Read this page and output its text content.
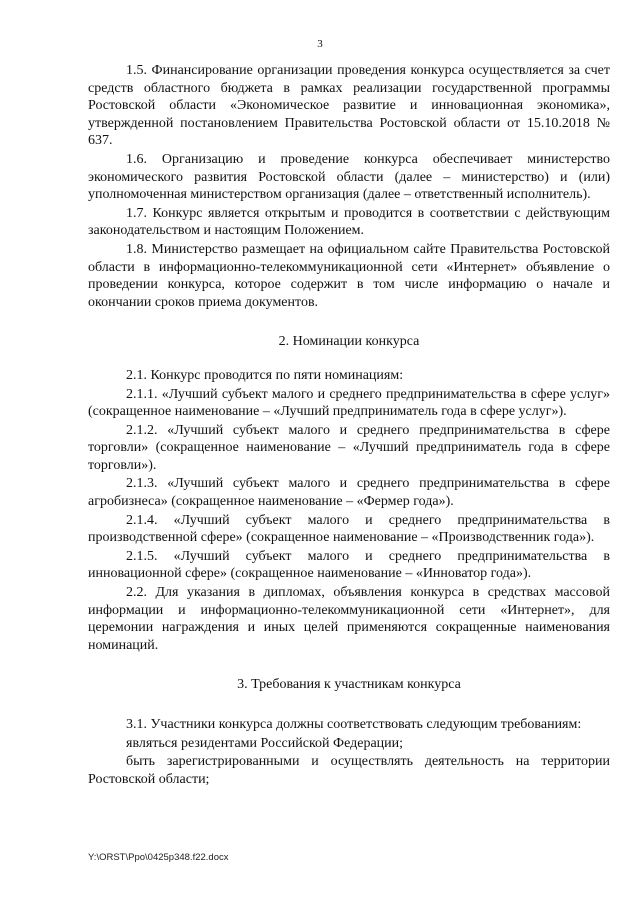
3

1.5. Финансирование организации проведения конкурса осуществляется за счет средств областного бюджета в рамках реализации государственной программы Ростовской области «Экономическое развитие и инновационная экономика», утвержденной постановлением Правительства Ростовской области от 15.10.2018 № 637.

1.6. Организацию и проведение конкурса обеспечивает министерство экономического развития Ростовской области (далее – министерство) и (или) уполномоченная министерством организация (далее – ответственный исполнитель).

1.7. Конкурс является открытым и проводится в соответствии с действующим законодательством и настоящим Положением.

1.8. Министерство размещает на официальном сайте Правительства Ростовской области в информационно-телекоммуникационной сети «Интернет» объявление о проведении конкурса, которое содержит в том числе информацию о начале и окончании сроков приема документов.

2. Номинации конкурса

2.1. Конкурс проводится по пяти номинациям:

2.1.1. «Лучший субъект малого и среднего предпринимательства в сфере услуг» (сокращенное наименование – «Лучший предприниматель года в сфере услуг»).

2.1.2. «Лучший субъект малого и среднего предпринимательства в сфере торговли» (сокращенное наименование – «Лучший предприниматель года в сфере торговли»).

2.1.3. «Лучший субъект малого и среднего предпринимательства в сфере агробизнеса» (сокращенное наименование – «Фермер года»).

2.1.4. «Лучший субъект малого и среднего предпринимательства в производственной сфере» (сокращенное наименование – «Производственник года»).

2.1.5. «Лучший субъект малого и среднего предпринимательства в инновационной сфере» (сокращенное наименование – «Инноватор года»).

2.2. Для указания в дипломах, объявления конкурса в средствах массовой информации и информационно-телекоммуникационной сети «Интернет», для церемонии награждения и иных целей применяются сокращенные наименования номинаций.

3. Требования к участникам конкурса

3.1. Участники конкурса должны соответствовать следующим требованиям:

являться резидентами Российской Федерации;

быть зарегистрированными и осуществлять деятельность на территории Ростовской области;

Y:\ORST\Ppo\0425p348.f22.docx
